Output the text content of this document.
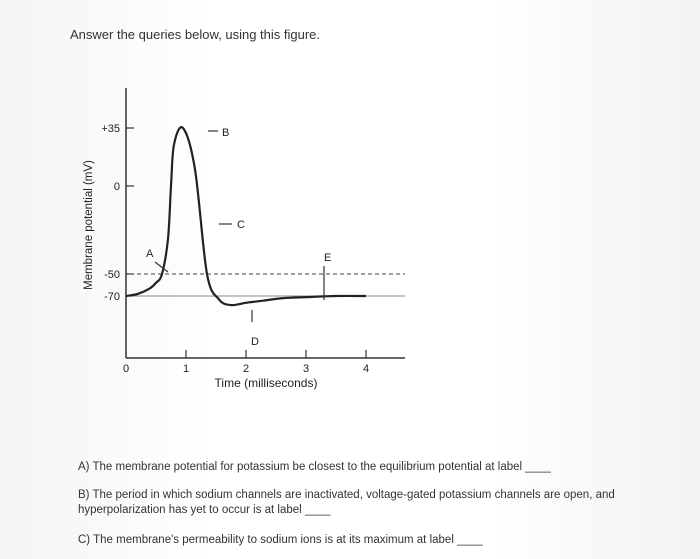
Answer the queries below, using this figure.
+35
0
-50
-70
0	1	2	3	4
A
B
C
D
E
Membrane potential (mV)
Time (milliseconds)
A) The membrane potential for potassium be closest to the equilibrium potential at label ____
B) The period in which sodium channels are inactivated, voltage-gated potassium channels are open, and hyperpolarization has yet to occur is at label ____
C) The membrane's permeability to sodium ions is at its maximum at label ____
